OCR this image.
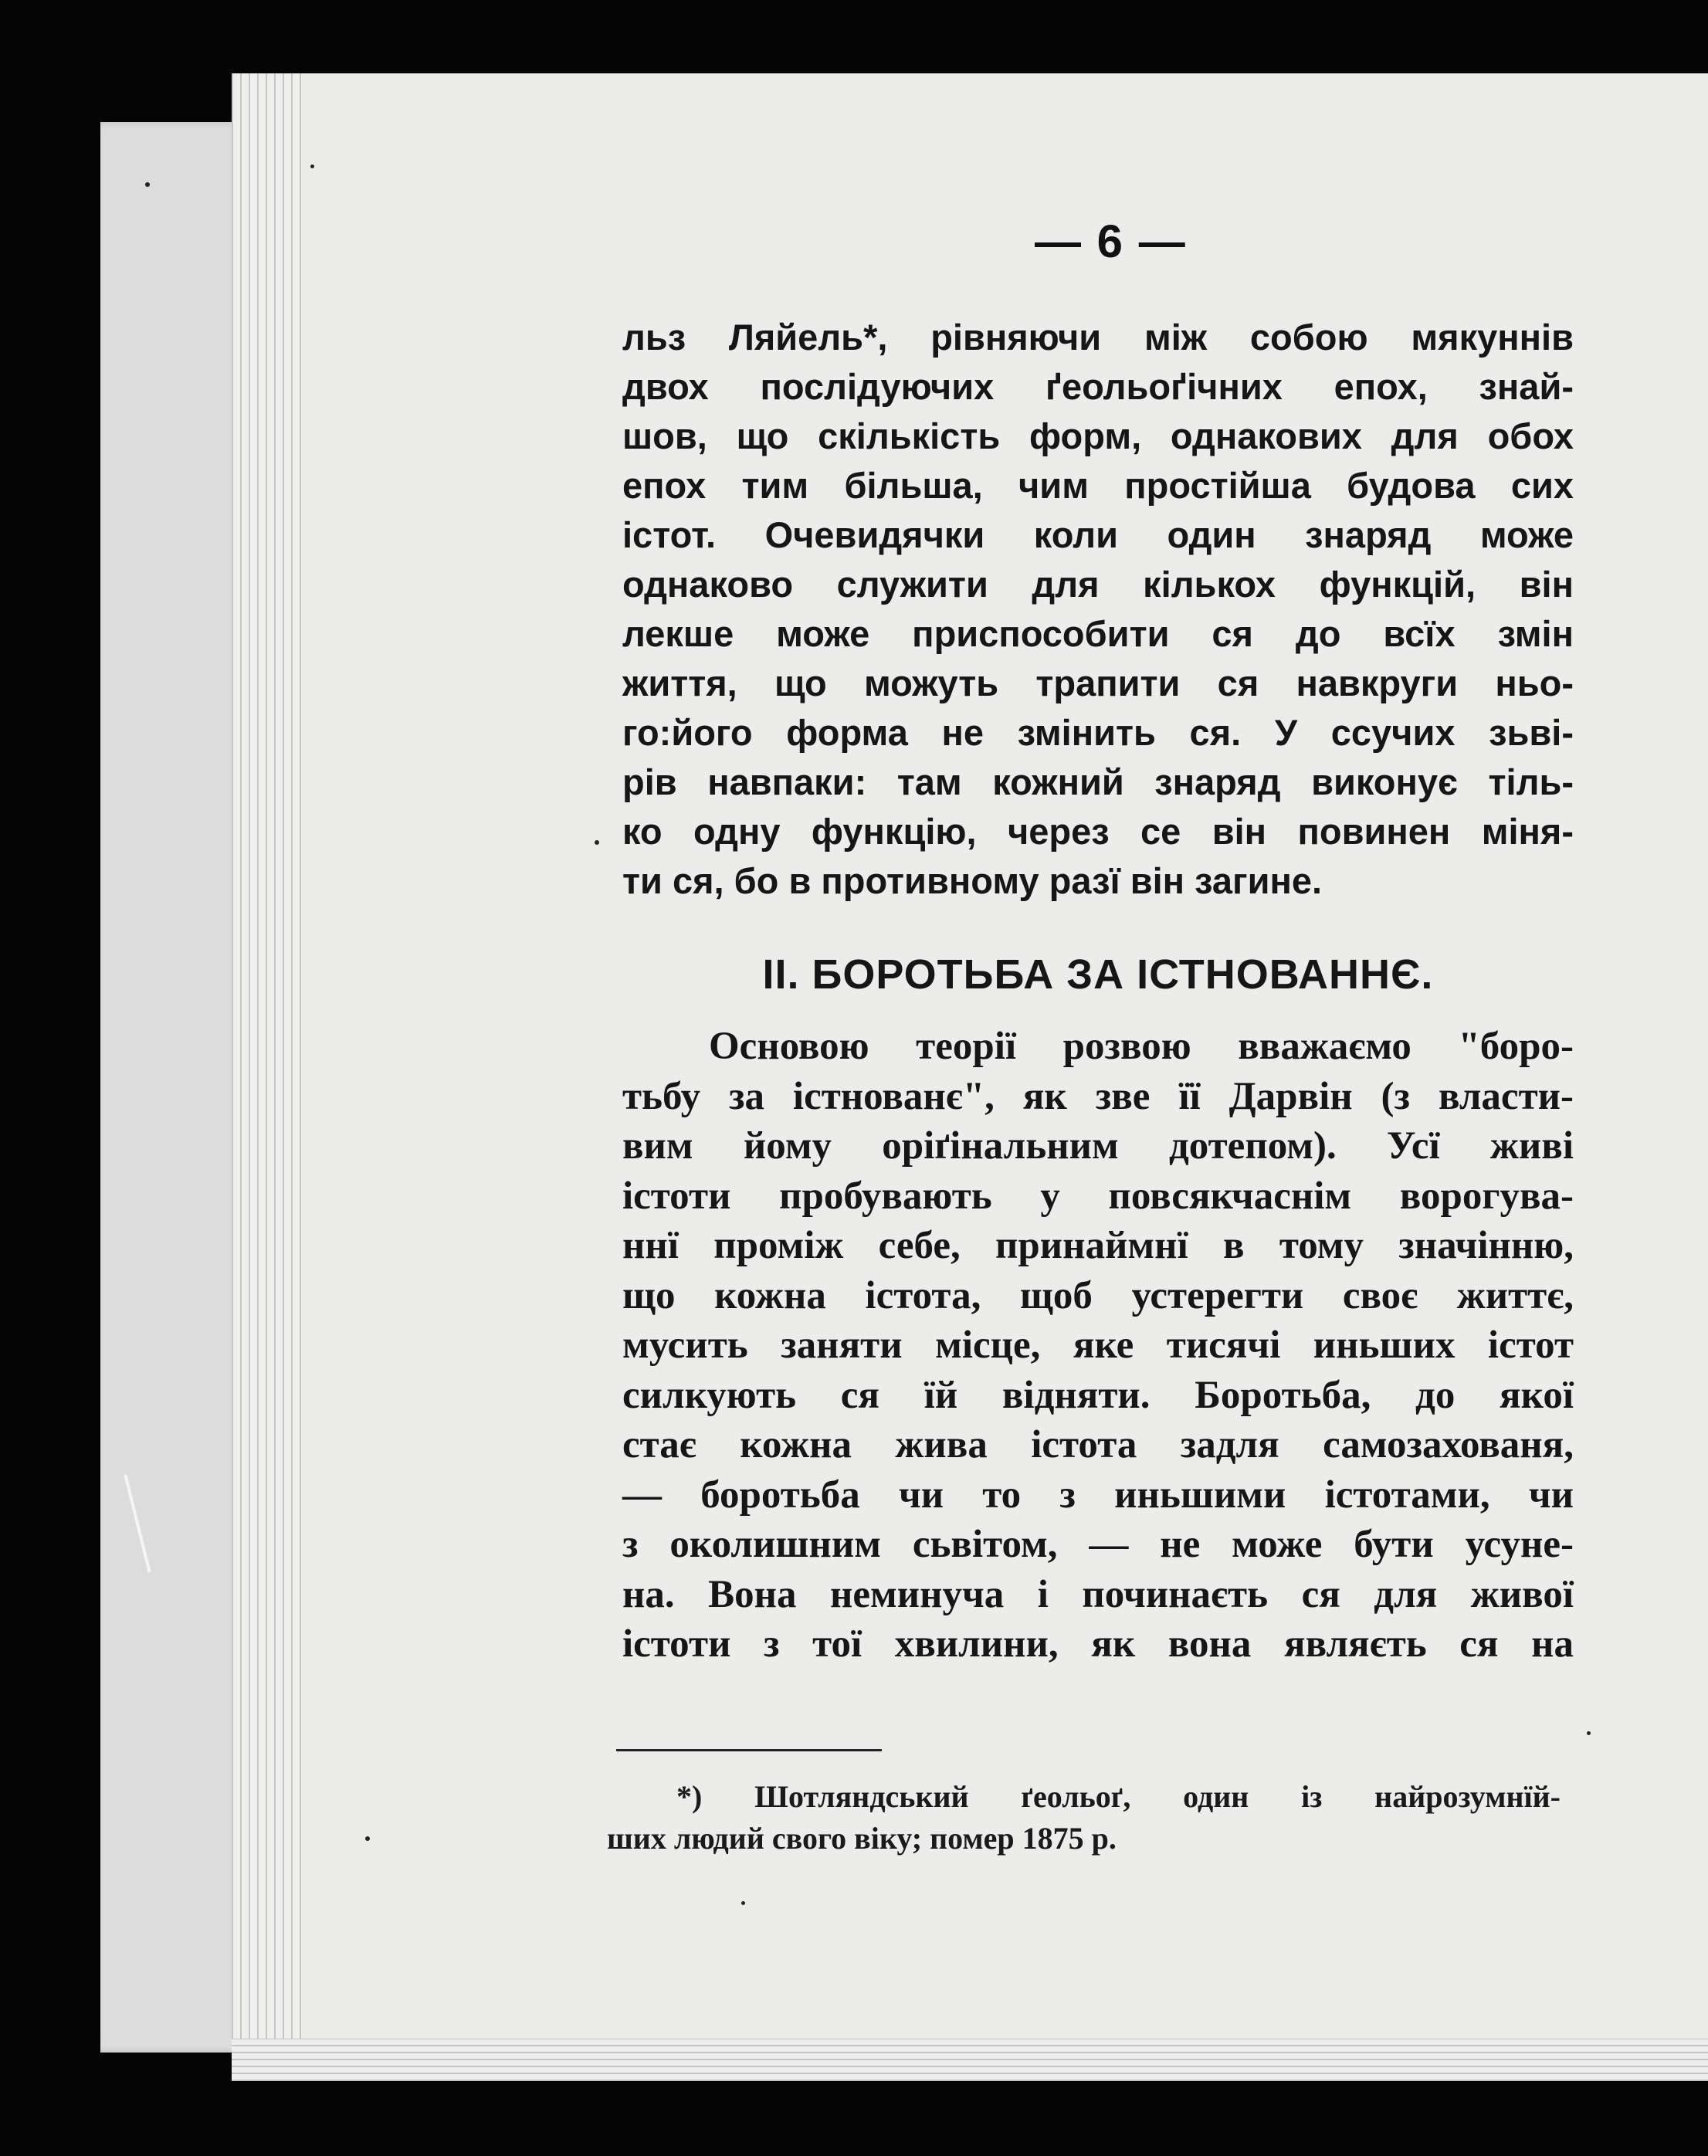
— 6 —
льз Ляйель*, рівняючи між собою мякуннів
двох послідуючих ґеольоґічних епох, знай-
шов, що скількість форм, однакових для обох
епох тим більша, чим простійша будова сих
істот. Очевидячки коли один знаряд може
однаково служити для кількох функцій, він
лекше може приспособити ся до всїх змін
життя, що можуть трапити ся навкруги ньо-
го:його форма не змінить ся. У ссучих зьві-
рів навпаки: там кожний знаряд виконує тіль-
ко одну функцію, через се він повинен міня-
ти ся, бо в противному разї він загине.
II. БОРОТЬБА ЗА ІСТНОВАННЄ.
Основою теорії розвою вважаємо "боро-
тьбу за істнованє", як зве її Дарвін (з власти-
вим йому оріґінальним дотепом). Усї живі
істоти пробувають у повсякчаснім ворогува-
ннї проміж себе, принаймнї в тому значінню,
що кожна істота, щоб устерегти своє життє,
мусить заняти місце, яке тисячі иньших істот
силкують ся їй відняти. Боротьба, до якої
стає кожна жива істота задля самозахованя,
— боротьба чи то з иньшими істотами, чи
з околишним сьвітом, — не може бути усуне-
на. Вона неминуча і починаєть ся для живої
істоти з тої хвилини, як вона являєть ся на
*) Шотляндський ґеольоґ, один із найрозумнїй-
ших людий свого віку; помер 1875 р.
